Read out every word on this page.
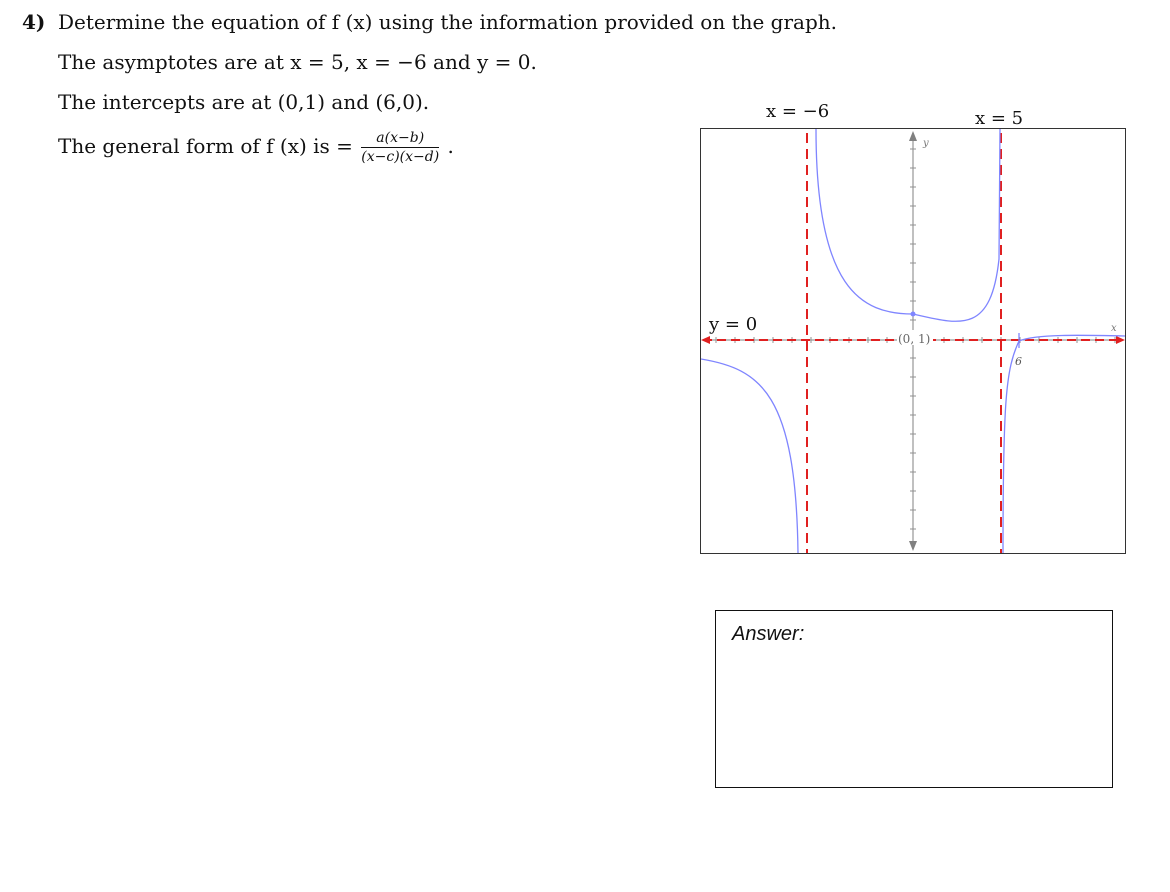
4) Determine the equation of f (x) using the information provided on the graph.
The asymptotes are at x = 5, x = −6 and y = 0.
The intercepts are at (0,1) and (6,0).
The general form of f (x) is = $\frac{a(x-b)}{(x-c)(x-d)}$ .
x = −6	x = 5
y = 0
(0, 1)
y
x
6
Answer:
